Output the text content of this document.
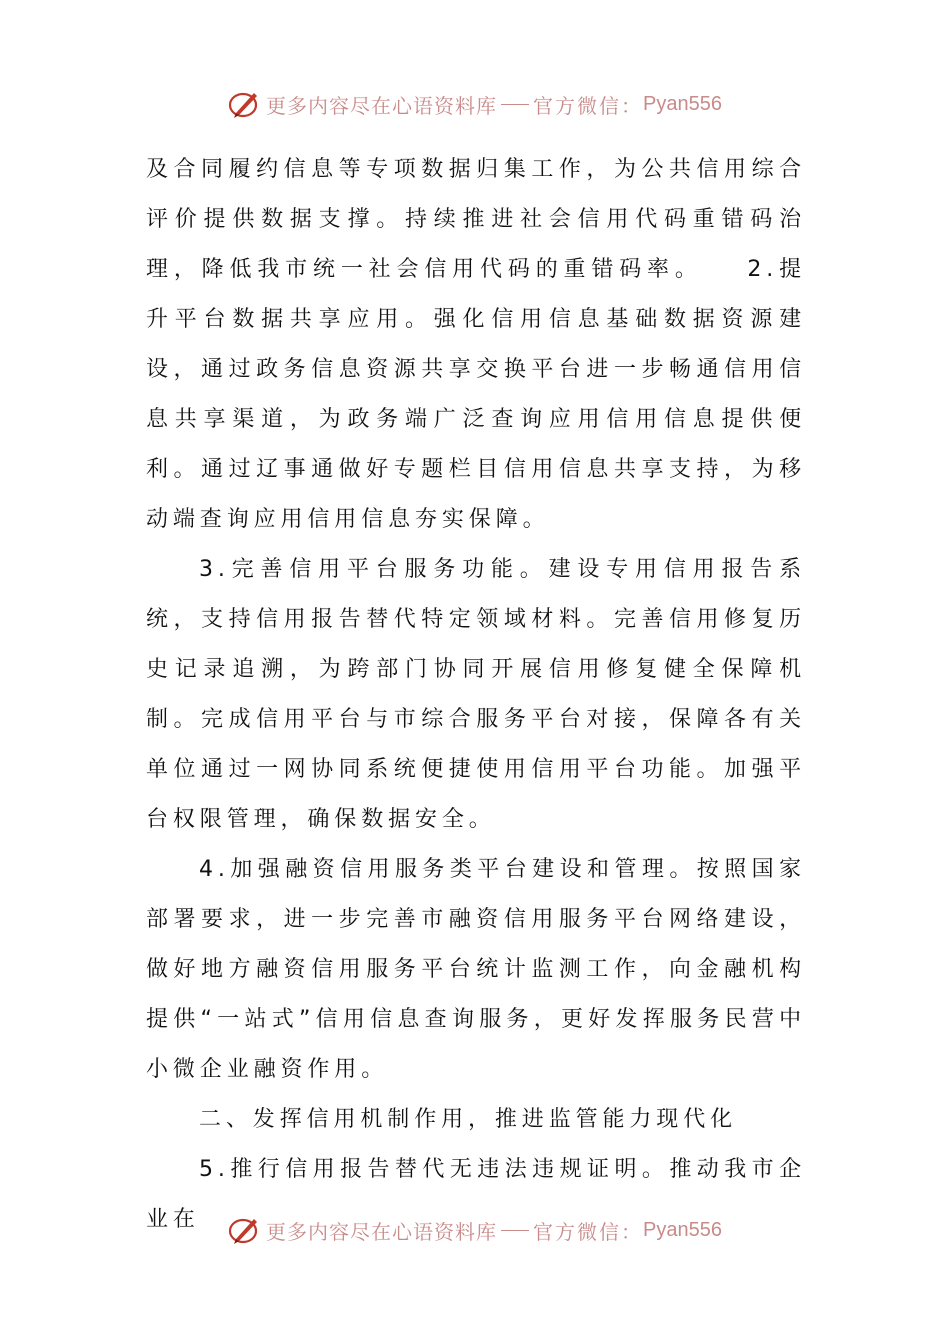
更多内容尽在心语资料库 官方微信： Pyan556

及合同履约信息等专项数据归集工作，为公共信用综合评价提供数据支撑。持续推进社会信用代码重错码治理，降低我市统一社会信用代码的重错码率。　　2.提升平台数据共享应用。强化信用信息基础数据资源建设，通过政务信息资源共享交换平台进一步畅通信用信息共享渠道，为政务端广泛查询应用信用信息提供便利。通过辽事通做好专题栏目信用信息共享支持，为移动端查询应用信用信息夯实保障。

3.完善信用平台服务功能。建设专用信用报告系统，支持信用报告替代特定领域材料。完善信用修复历史记录追溯，为跨部门协同开展信用修复健全保障机制。完成信用平台与市综合服务平台对接，保障各有关单位通过一网协同系统便捷使用信用平台功能。加强平台权限管理，确保数据安全。

4.加强融资信用服务类平台建设和管理。按照国家部署要求，进一步完善市融资信用服务平台网络建设，做好地方融资信用服务平台统计监测工作，向金融机构提供“一站式”信用信息查询服务，更好发挥服务民营中小微企业融资作用。

二、发挥信用机制作用，推进监管能力现代化

5.推行信用报告替代无违法违规证明。推动我市企业在	更多内容尽在心语资料库 官方微信： Pyan556
